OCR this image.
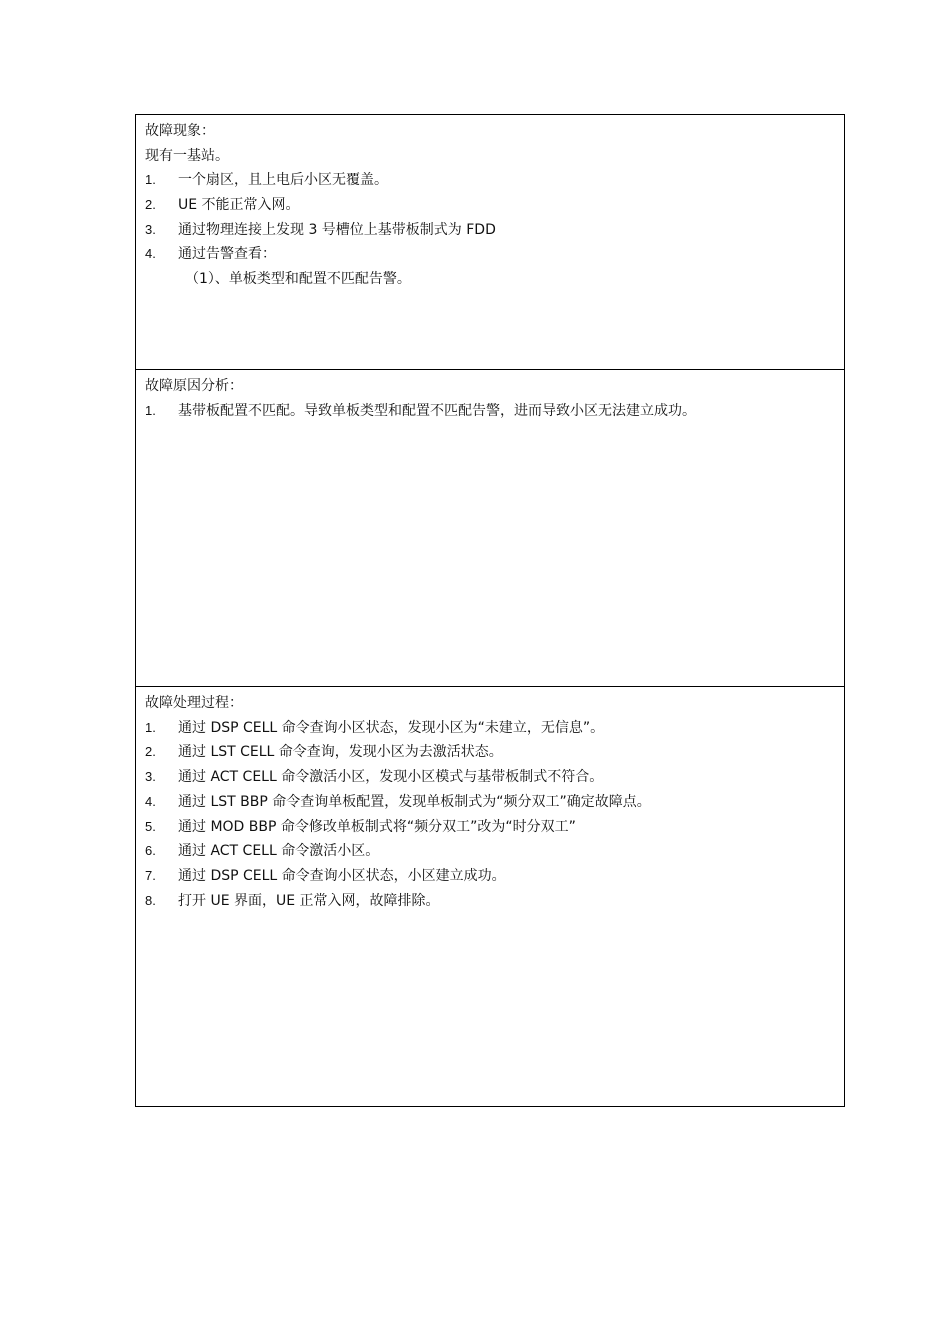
故障现象：
现有一基站。
1.	一个扇区，且上电后小区无覆盖。
2.	UE 不能正常入网。
3.	通过物理连接上发现 3 号槽位上基带板制式为 FDD
4.	通过告警查看：
（1）、单板类型和配置不匹配告警。
故障原因分析：
1.	基带板配置不匹配。导致单板类型和配置不匹配告警，进而导致小区无法建立成功。
故障处理过程：
1.	通过 DSP CELL 命令查询小区状态，发现小区为“未建立，无信息”。
2.	通过 LST CELL 命令查询，发现小区为去激活状态。
3.	通过 ACT CELL 命令激活小区，发现小区模式与基带板制式不符合。
4.	通过 LST BBP 命令查询单板配置，发现单板制式为“频分双工”确定故障点。
5.	通过 MOD BBP 命令修改单板制式将“频分双工”改为“时分双工”
6.	通过 ACT CELL 命令激活小区。
7.	通过 DSP CELL 命令查询小区状态，小区建立成功。
8.	打开 UE 界面，UE 正常入网，故障排除。
